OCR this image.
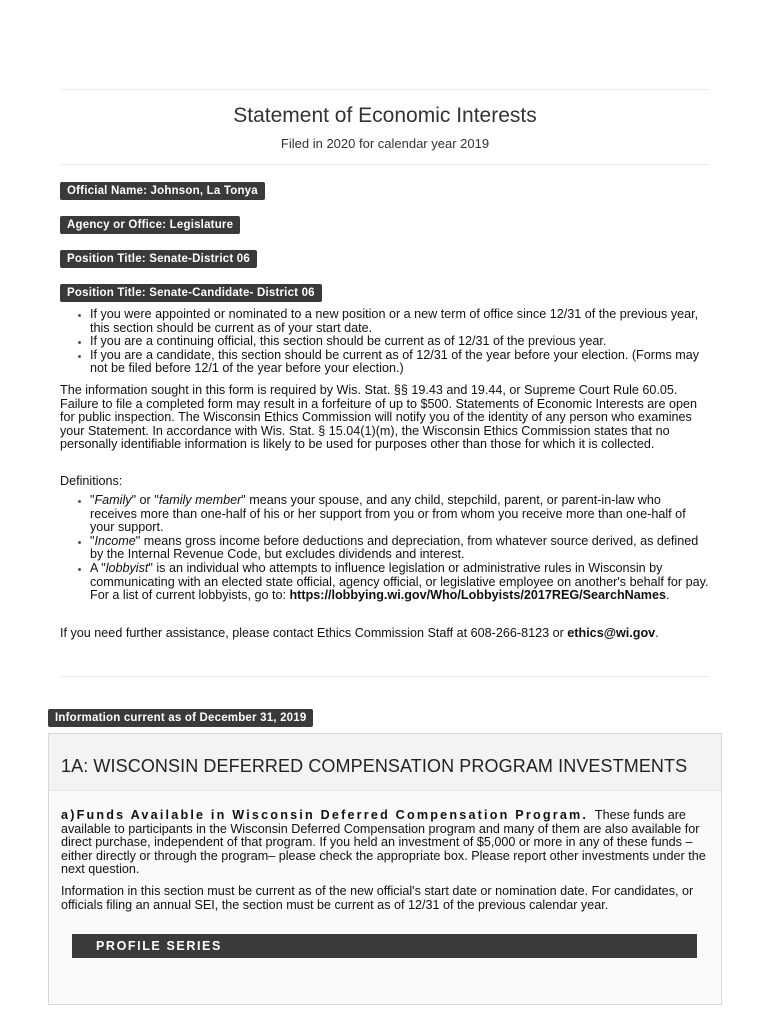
Statement of Economic Interests
Filed in 2020 for calendar year 2019
Official Name: Johnson, La Tonya
Agency or Office: Legislature
Position Title: Senate-District 06
Position Title: Senate-Candidate- District 06
• If you were appointed or nominated to a new position or a new term of office since 12/31 of the previous year, this section should be current as of your start date.
• If you are a continuing official, this section should be current as of 12/31 of the previous year.
• If you are a candidate, this section should be current as of 12/31 of the year before your election. (Forms may not be filed before 12/1 of the year before your election.)
The information sought in this form is required by Wis. Stat. §§ 19.43 and 19.44, or Supreme Court Rule 60.05. Failure to file a completed form may result in a forfeiture of up to $500. Statements of Economic Interests are open for public inspection. The Wisconsin Ethics Commission will notify you of the identity of any person who examines your Statement. In accordance with Wis. Stat. § 15.04(1)(m), the Wisconsin Ethics Commission states that no personally identifiable information is likely to be used for purposes other than those for which it is collected.
Definitions:
• "Family" or "family member" means your spouse, and any child, stepchild, parent, or parent-in-law who receives more than one-half of his or her support from you or from whom you receive more than one-half of your support.
• "Income" means gross income before deductions and depreciation, from whatever source derived, as defined by the Internal Revenue Code, but excludes dividends and interest.
• A "lobbyist" is an individual who attempts to influence legislation or administrative rules in Wisconsin by communicating with an elected state official, agency official, or legislative employee on another's behalf for pay. For a list of current lobbyists, go to: https://lobbying.wi.gov/Who/Lobbyists/2017REG/SearchNames.
If you need further assistance, please contact Ethics Commission Staff at 608-266-8123 or ethics@wi.gov.
Information current as of December 31, 2019
1A: WISCONSIN DEFERRED COMPENSATION PROGRAM INVESTMENTS
a)Funds Available in Wisconsin Deferred Compensation Program. These funds are available to participants in the Wisconsin Deferred Compensation program and many of them are also available for direct purchase, independent of that program. If you held an investment of $5,000 or more in any of these funds – either directly or through the program– please check the appropriate box. Please report other investments under the next question.
Information in this section must be current as of the new official's start date or nomination date. For candidates, or officials filing an annual SEI, the section must be current as of 12/31 of the previous calendar year.
PROFILE SERIES
